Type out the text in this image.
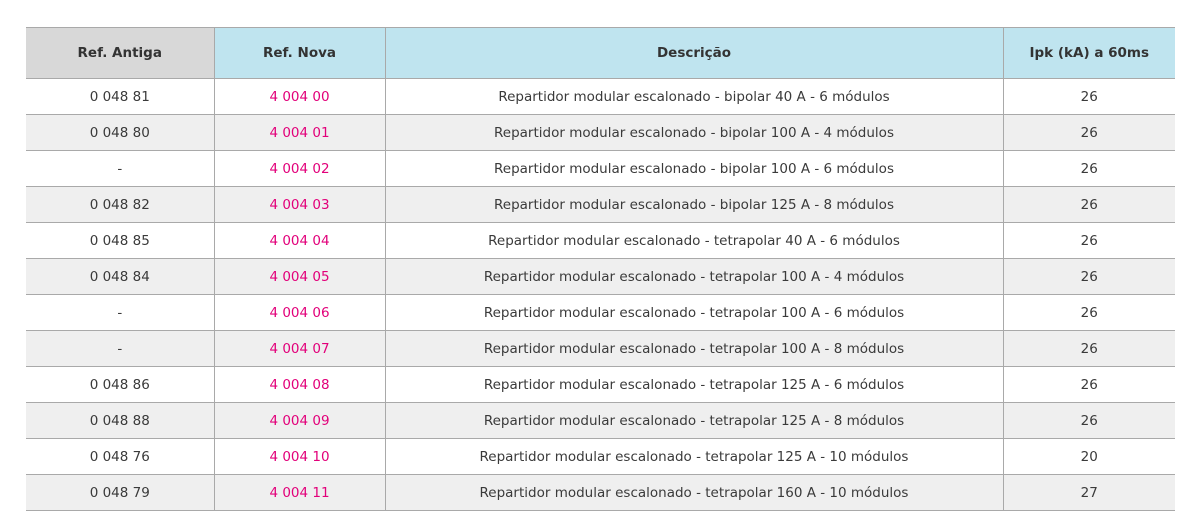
Ref. Antiga	Ref. Nova	Descrição	Ipk (kA) a 60ms
0 048 81	4 004 00	Repartidor modular escalonado - bipolar 40 A - 6 módulos	26
0 048 80	4 004 01	Repartidor modular escalonado - bipolar 100 A - 4 módulos	26
-	4 004 02	Repartidor modular escalonado - bipolar 100 A - 6 módulos	26
0 048 82	4 004 03	Repartidor modular escalonado - bipolar 125 A - 8 módulos	26
0 048 85	4 004 04	Repartidor modular escalonado - tetrapolar 40 A - 6 módulos	26
0 048 84	4 004 05	Repartidor modular escalonado - tetrapolar 100 A - 4 módulos	26
-	4 004 06	Repartidor modular escalonado - tetrapolar 100 A - 6 módulos	26
-	4 004 07	Repartidor modular escalonado - tetrapolar 100 A - 8 módulos	26
0 048 86	4 004 08	Repartidor modular escalonado - tetrapolar 125 A - 6 módulos	26
0 048 88	4 004 09	Repartidor modular escalonado - tetrapolar 125 A - 8 módulos	26
0 048 76	4 004 10	Repartidor modular escalonado - tetrapolar 125 A - 10 módulos	20
0 048 79	4 004 11	Repartidor modular escalonado - tetrapolar 160 A - 10 módulos	27
